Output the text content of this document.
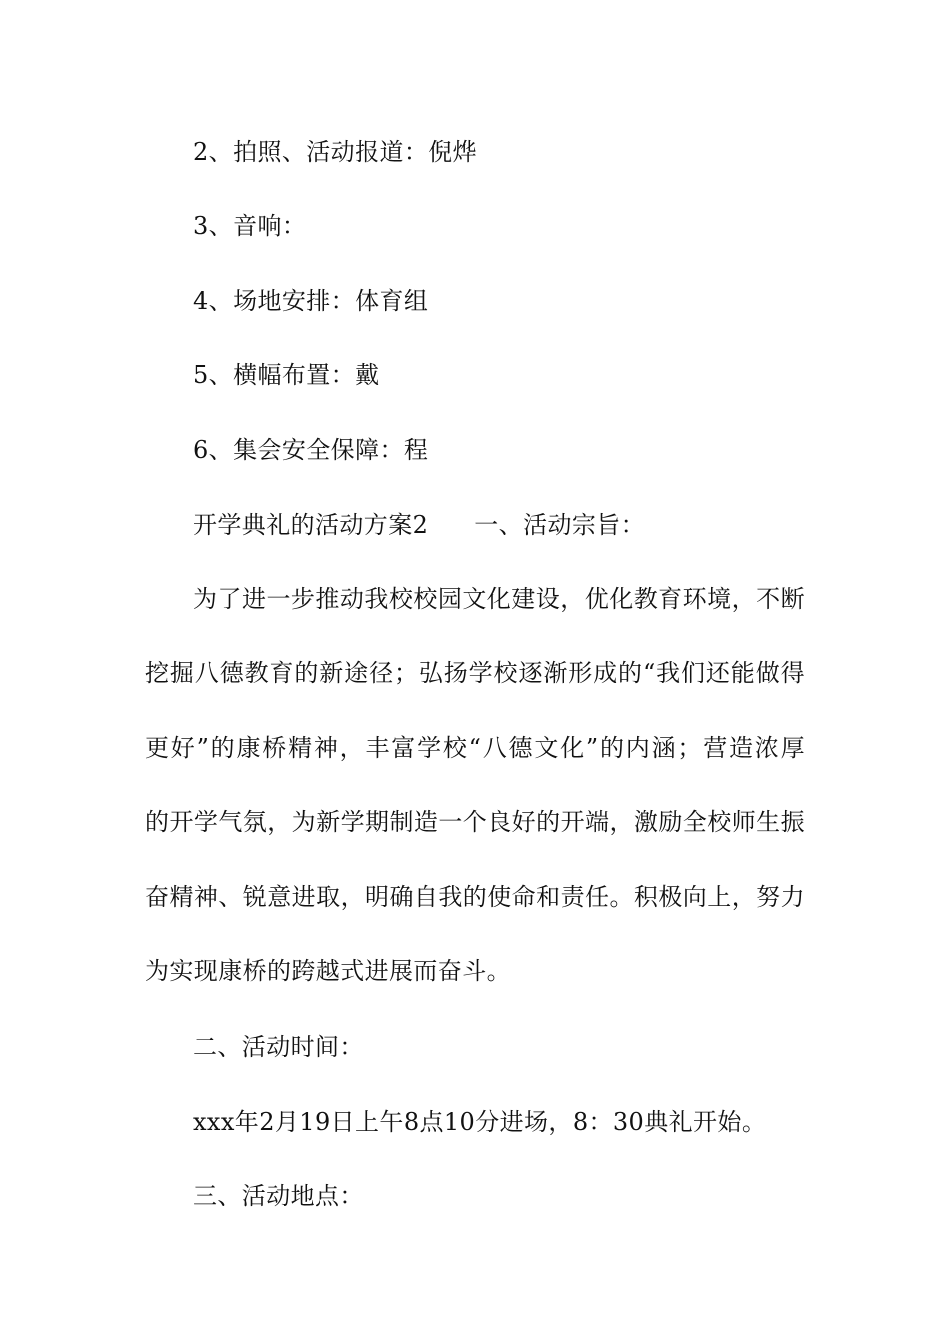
2、拍照、活动报道：倪烨
3、音响：
4、场地安排：体育组
5、横幅布置：戴
6、集会安全保障：程
开学典礼的活动方案2 一、活动宗旨：
为了进一步推动我校校园文化建设，优化教育环境，不断
挖掘八德教育的新途径；弘扬学校逐渐形成的“我们还能做得
更好”的康桥精神，丰富学校“八德文化”的内涵；营造浓厚
的开学气氛，为新学期制造一个良好的开端，激励全校师生振
奋精神、锐意进取，明确自我的使命和责任。积极向上，努力
为实现康桥的跨越式进展而奋斗。
二、活动时间：
xxx年2月19日上午8点10分进场，8：30典礼开始。
三、活动地点：
